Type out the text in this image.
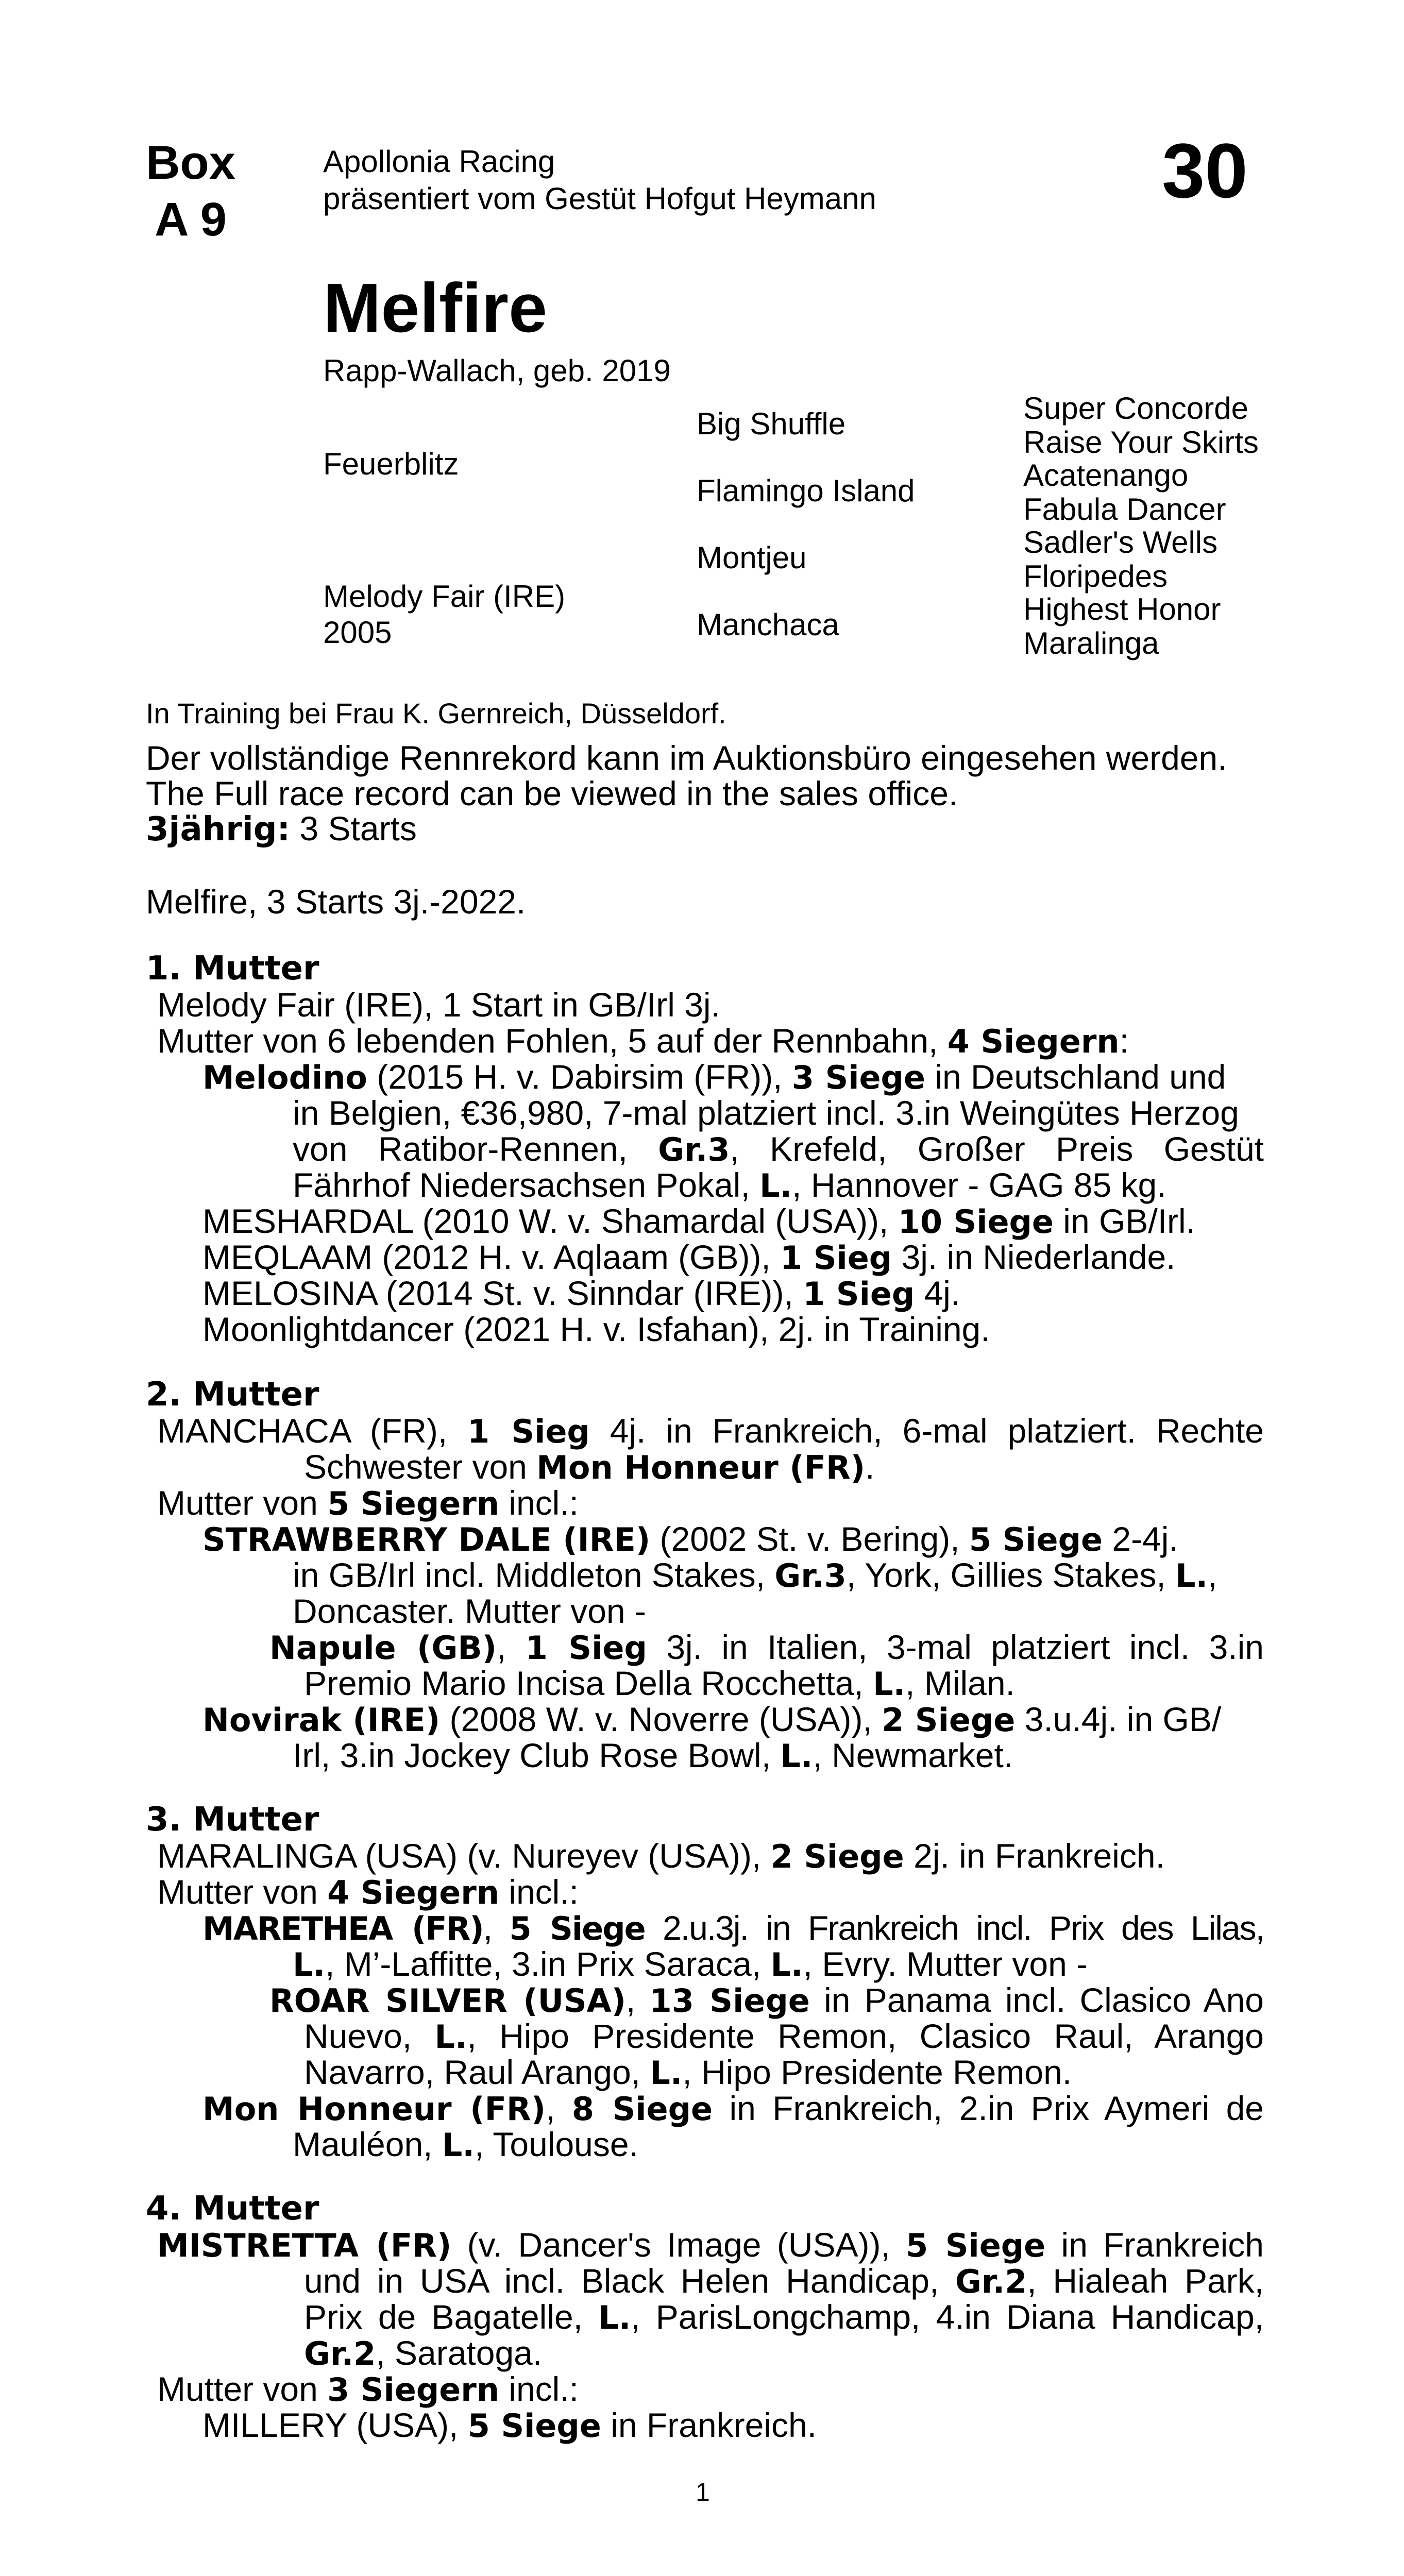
Box
A 9
Apollonia Racing
präsentiert vom Gestüt Hofgut Heymann	30
Melfire
Rapp-Wallach, geb. 2019
Feuerblitz
Melody Fair (IRE)
2005
Big Shuffle
Flamingo Island
Montjeu
Manchaca
Super Concorde
Raise Your Skirts
Acatenango
Fabula Dancer
Sadler's Wells
Floripedes
Highest Honor
Maralinga
In Training bei Frau K. Gernreich, Düsseldorf.
Der vollständige Rennrekord kann im Auktionsbüro eingesehen werden.
The Full race record can be viewed in the sales office.
3jährig: 3 Starts
Melfire, 3 Starts 3j.-2022.
1. Mutter
Melody Fair (IRE), 1 Start in GB/Irl 3j.
Mutter von 6 lebenden Fohlen, 5 auf der Rennbahn, 4 Siegern:
Melodino (2015 H. v. Dabirsim (FR)), 3 Siege in Deutschland und
in Belgien, €36,980, 7-mal platziert incl. 3.in Weingütes Herzog
von Ratibor-Rennen, Gr.3, Krefeld, Großer Preis Gestüt
Fährhof Niedersachsen Pokal, L., Hannover - GAG 85 kg.
MESHARDAL (2010 W. v. Shamardal (USA)), 10 Siege in GB/Irl.
MEQLAAM (2012 H. v. Aqlaam (GB)), 1 Sieg 3j. in Niederlande.
MELOSINA (2014 St. v. Sinndar (IRE)), 1 Sieg 4j.
Moonlightdancer (2021 H. v. Isfahan), 2j. in Training.
2. Mutter
MANCHACA (FR), 1 Sieg 4j. in Frankreich, 6-mal platziert. Rechte
Schwester von Mon Honneur (FR).
Mutter von 5 Siegern incl.:
STRAWBERRY DALE (IRE) (2002 St. v. Bering), 5 Siege 2-4j.
in GB/Irl incl. Middleton Stakes, Gr.3, York, Gillies Stakes, L.,
Doncaster. Mutter von -
Napule (GB), 1 Sieg 3j. in Italien, 3-mal platziert incl. 3.in
Premio Mario Incisa Della Rocchetta, L., Milan.
Novirak (IRE) (2008 W. v. Noverre (USA)), 2 Siege 3.u.4j. in GB/
Irl, 3.in Jockey Club Rose Bowl, L., Newmarket.
3. Mutter
MARALINGA (USA) (v. Nureyev (USA)), 2 Siege 2j. in Frankreich.
Mutter von 4 Siegern incl.:
MARETHEA (FR), 5 Siege 2.u.3j. in Frankreich incl. Prix des Lilas,
L., M’-Laffitte, 3.in Prix Saraca, L., Evry. Mutter von -
ROAR SILVER (USA), 13 Siege in Panama incl. Clasico Ano
Nuevo, L., Hipo Presidente Remon, Clasico Raul, Arango
Navarro, Raul Arango, L., Hipo Presidente Remon.
Mon Honneur (FR), 8 Siege in Frankreich, 2.in Prix Aymeri de
Mauléon, L., Toulouse.
4. Mutter
MISTRETTA (FR) (v. Dancer's Image (USA)), 5 Siege in Frankreich
und in USA incl. Black Helen Handicap, Gr.2, Hialeah Park,
Prix de Bagatelle, L., ParisLongchamp, 4.in Diana Handicap,
Gr.2, Saratoga.
Mutter von 3 Siegern incl.:
MILLERY (USA), 5 Siege in Frankreich.
1
